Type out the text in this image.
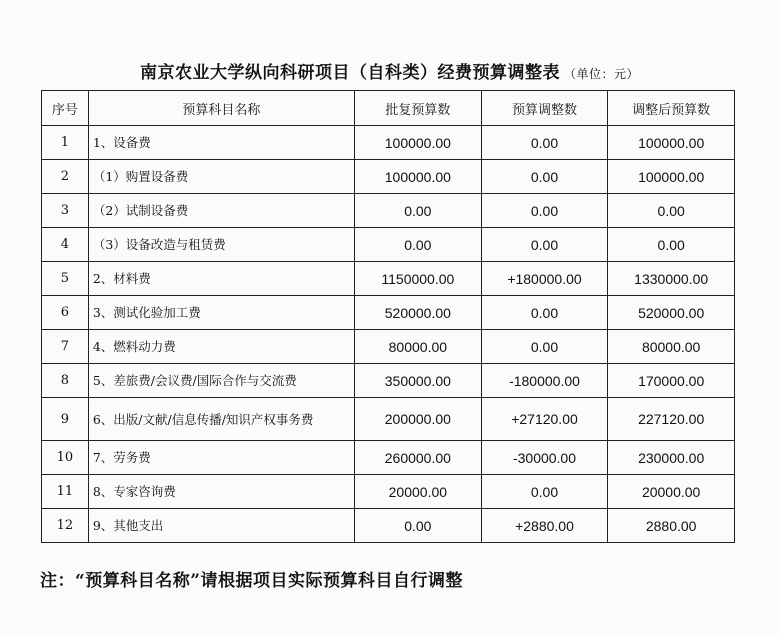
南京农业大学纵向科研项目（自科类）经费预算调整表 （单位：元）
序号	预算科目名称	批复预算数	预算调整数	调整后预算数
1	1、设备费	100000.00	0.00	100000.00
2	（1）购置设备费	100000.00	0.00	100000.00
3	（2）试制设备费	0.00	0.00	0.00
4	（3）设备改造与租赁费	0.00	0.00	0.00
5	2、材料费	1150000.00	+180000.00	1330000.00
6	3、测试化验加工费	520000.00	0.00	520000.00
7	4、燃料动力费	80000.00	0.00	80000.00
8	5、差旅费/会议费/国际合作与交流费	350000.00	-180000.00	170000.00
9	6、出版/文献/信息传播/知识产权事务费	200000.00	+27120.00	227120.00
10	7、劳务费	260000.00	-30000.00	230000.00
11	8、专家咨询费	20000.00	0.00	20000.00
12	9、其他支出	0.00	+2880.00	2880.00
注：“预算科目名称”请根据项目实际预算科目自行调整
